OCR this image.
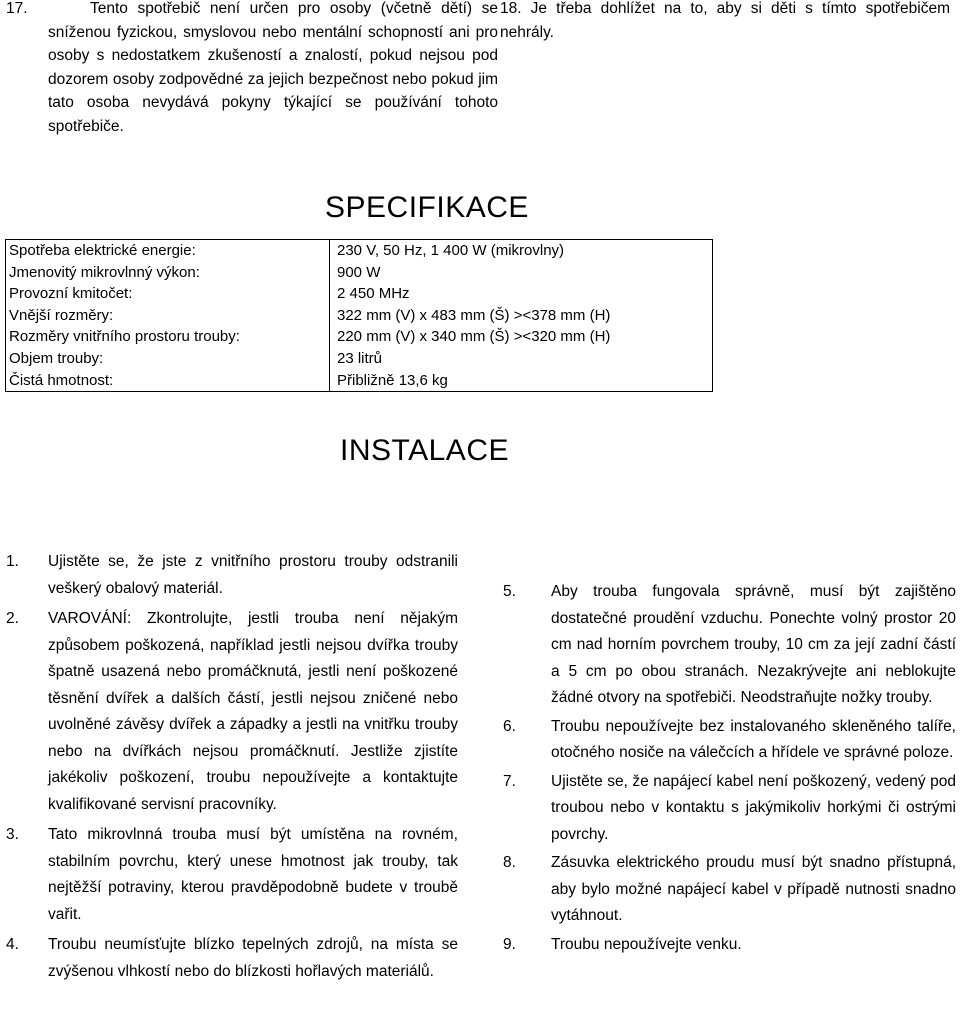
17.	Tento spotřebič není určen pro osoby (včetně dětí) se sníženou fyzickou, smyslovou nebo mentální schopností ani pro osoby s nedostatkem zkušeností a znalostí, pokud nejsou pod dozorem osoby zodpovědné za jejich bezpečnost nebo pokud jim tato osoba nevydává pokyny týkající se používání tohoto spotřebiče.
18. Je třeba dohlížet na to, aby si děti s tímto spotřebičem nehrály.
SPECIFIKACE
Spotřeba elektrické energie:	230 V, 50 Hz, 1 400 W (mikrovlny)
Jmenovitý mikrovlnný výkon:	900 W
Provozní kmitočet:	2 450 MHz
Vnější rozměry:	322 mm (V) x 483 mm (Š) ><378 mm (H)
Rozměry vnitřního prostoru trouby:	220 mm (V) x 340 mm (Š) ><320 mm (H)
Objem trouby:	23 litrů
Čistá hmotnost:	Přibližně 13,6 kg
INSTALACE
1. Ujistěte se, že jste z vnitřního prostoru trouby odstranili veškerý obalový materiál.
2. VAROVÁNÍ: Zkontrolujte, jestli trouba není nějakým způsobem poškozená, například jestli nejsou dvířka trouby špatně usazená nebo promáčknutá, jestli není poškozené těsnění dvířek a dalších částí, jestli nejsou zničené nebo uvolněné závěsy dvířek a západky a jestli na vnitřku trouby nebo na dvířkách nejsou promáčknutí. Jestliže zjistíte jakékoliv poškození, troubu nepoužívejte a kontaktujte kvalifikované servisní pracovníky.
3. Tato mikrovlnná trouba musí být umístěna na rovném, stabilním povrchu, který unese hmotnost jak trouby, tak nejtěžší potraviny, kterou pravděpodobně budete v troubě vařit.
4. Troubu neumísťujte blízko tepelných zdrojů, na místa se zvýšenou vlhkostí nebo do blízkosti hořlavých materiálů.
5. Aby trouba fungovala správně, musí být zajištěno dostatečné proudění vzduchu. Ponechte volný prostor 20 cm nad horním povrchem trouby, 10 cm za její zadní částí a 5 cm po obou stranách. Nezakrývejte ani neblokujte žádné otvory na spotřebiči. Neodstraňujte nožky trouby.
6. Troubu nepoužívejte bez instalovaného skleněného talíře, otočného nosiče na válečcích a hřídele ve správné poloze.
7. Ujistěte se, že napájecí kabel není poškozený, vedený pod troubou nebo v kontaktu s jakýmikoliv horkými či ostrými povrchy.
8. Zásuvka elektrického proudu musí být snadno přístupná, aby bylo možné napájecí kabel v případě nutnosti snadno vytáhnout.
9. Troubu nepoužívejte venku.
